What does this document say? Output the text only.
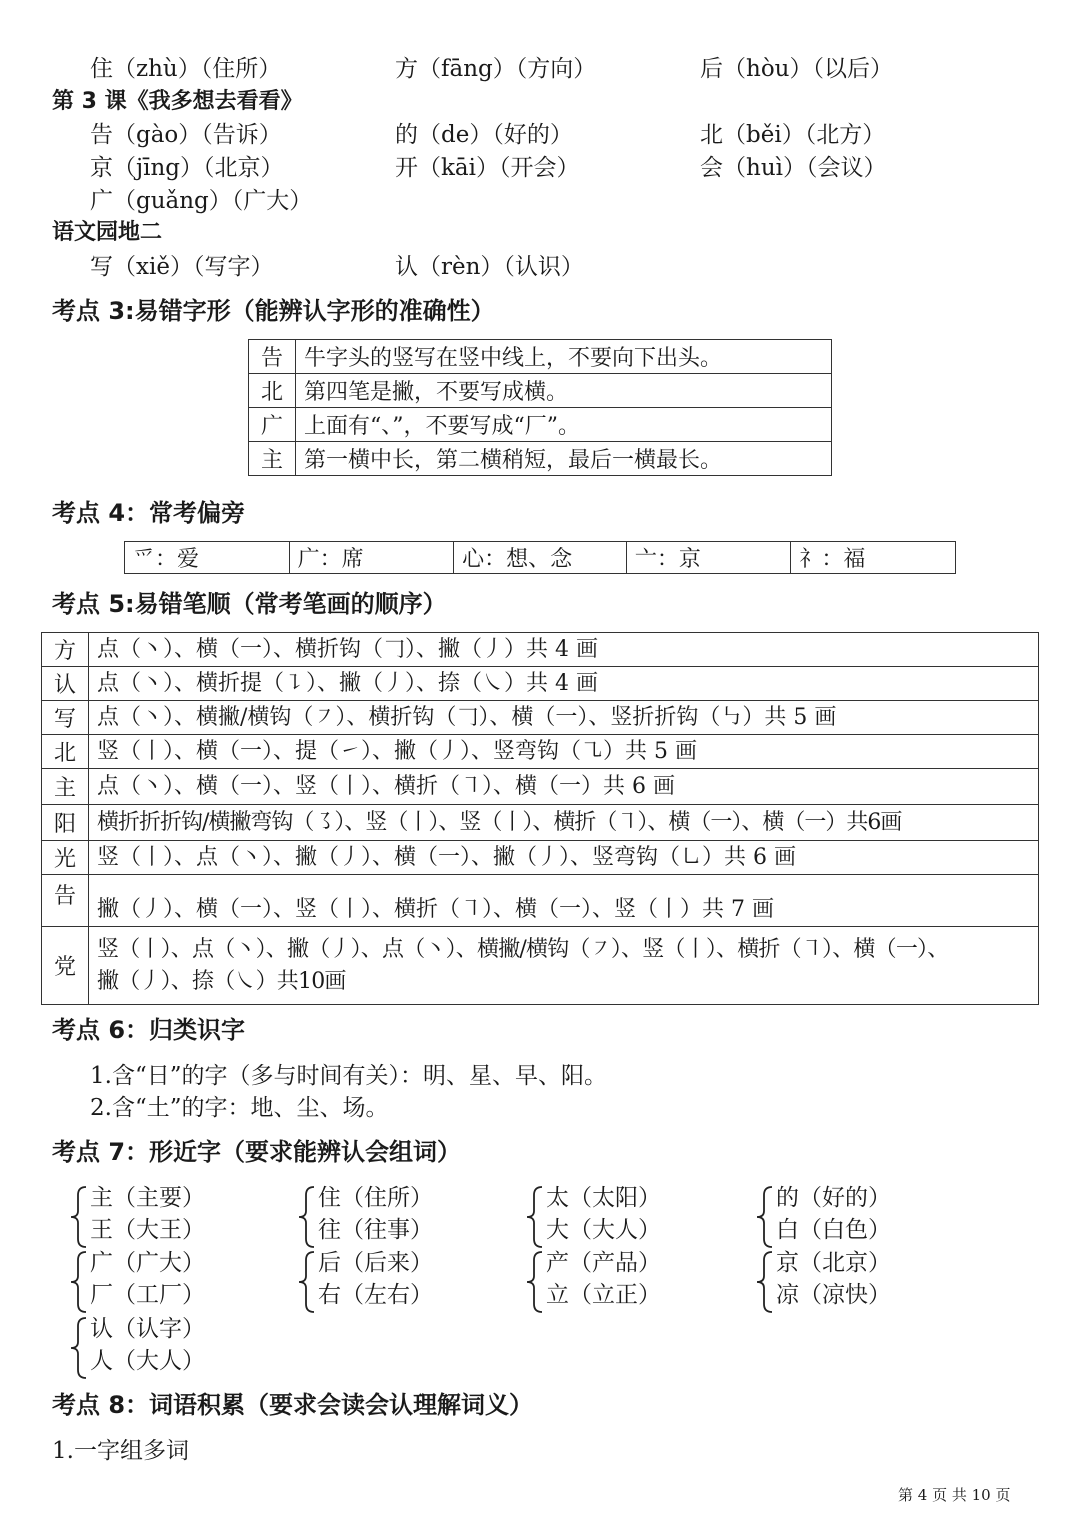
住（zhù）（住所）	方（fāng）（方向）	后（hòu）（以后）
告（gào）（告诉）	的（de）（好的）	北（běi）（北方）
京（jīng）（北京）	开（kāi）（开会）	会（huì）（会议）
广（guǎng）（广大）
写（xiě）（写字）	认（rèn）（认识）
第 3 课《我多想去看看》
语文园地二
考点 3:易错字形（能辨认字形的准确性）
告	牛字头的竖写在竖中线上，不要向下出头。
北	第四笔是撇，不要写成横。
广	上面有“、”，不要写成“厂”。
主	第一横中长，第二横稍短，最后一横最长。
考点 4：常考偏旁
爫：爱	广：席	心：想、念	亠：京	礻：福
考点 5:易错笔顺（常考笔画的顺序）
方	点（丶）、横（一）、横折钩（𠃌）、撇（丿）共 4 画

认	点（丶）、横折提（㇊）、撇（丿）、捺（㇏）共 4 画

写	点（丶）、横撇/横钩（㇇）、横折钩（𠃌）、横（一）、竖折折钩（㇉）共 5 画

北	竖（丨）、横（一）、提（㇀）、撇（丿）、竖弯钩（㇈）共 5 画

主	点（丶）、横（一）、竖（丨）、横折（㇕）、横（一）共 6 画

阳	横折折折钩/横撇弯钩（㇌）、竖（丨）、竖（丨）、横折（㇕）、横（一）、横（一）共6画

光	竖（丨）、点（丶）、撇（丿）、横（一）、撇（丿）、竖弯钩（㇟）共 6 画

告	撇（丿）、横（一）、竖（丨）、横折（㇕）、横（一）、竖（丨）共 7 画

党	竖（丨）、点（丶）、撇（丿）、点（丶）、横撇/横钩（㇇）、竖（丨）、横折（㇕）、横（一）、
撇（丿）、捺（㇏）共10画
考点 6：归类识字
1.含“日”的字（多与时间有关）：明、星、早、阳。
2.含“土”的字：地、尘、场。
考点 7：形近字（要求能辨认会组词）
主（主要）
王（大王）
住（住所）
往（往事）
太（太阳）
大（大人）
的（好的）
白（白色）
广（广大）
厂（工厂）
后（后来）
右（左右）
产（产品）
立（立正）
京（北京）
凉（凉快）
认（认字）
人（大人）
考点 8：词语积累（要求会读会认理解词义）
1.一字组多词
第 4 页 共 10 页
